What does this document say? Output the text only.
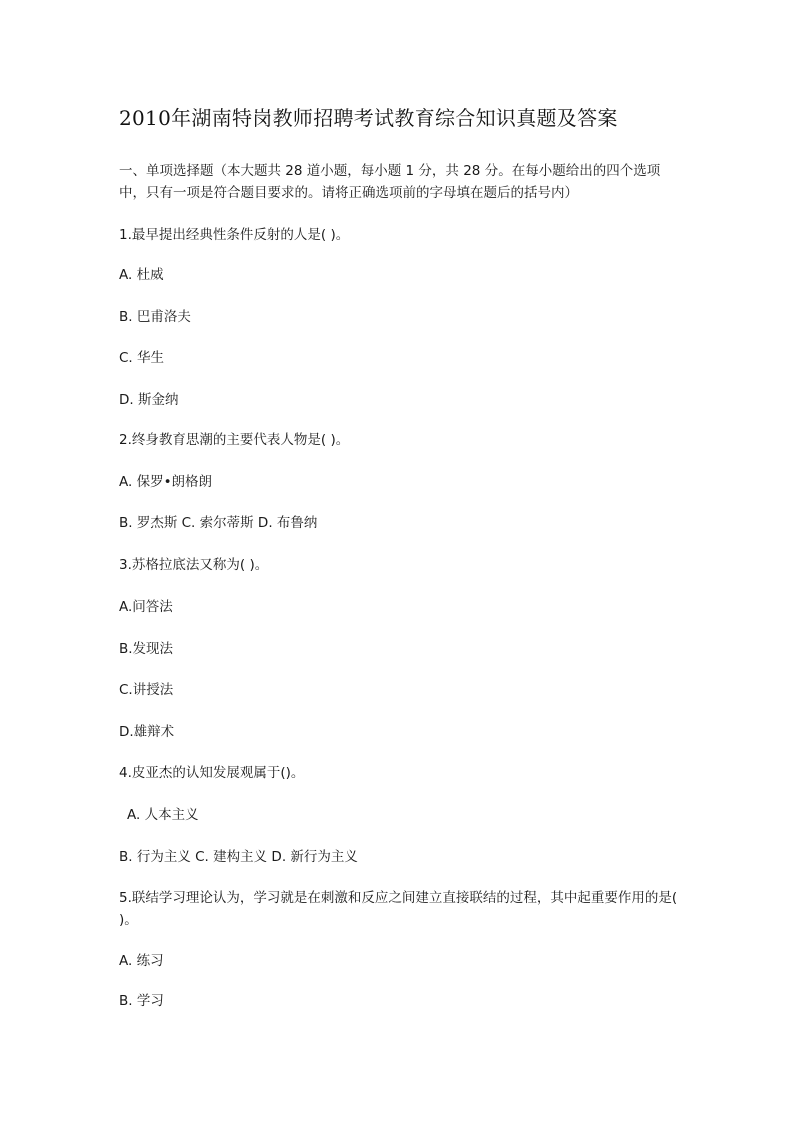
2010年湖南特岗教师招聘考试教育综合知识真题及答案
一、单项选择题（本大题共 28 道小题，每小题 1 分，共 28 分。在每小题给出的四个选项中，只有一项是符合题目要求的。请将正确选项前的字母填在题后的括号内）
1.最早提出经典性条件反射的人是( )。
A. 杜威
B. 巴甫洛夫
C. 华生
D. 斯金纳
2.终身教育思潮的主要代表人物是( )。
A. 保罗•朗格朗
B. 罗杰斯 C. 索尔蒂斯 D. 布鲁纳
3.苏格拉底法又称为( )。
A.问答法
B.发现法
C.讲授法
D.雄辩术
4.皮亚杰的认知发展观属于()。
A. 人本主义
B. 行为主义 C. 建构主义 D. 新行为主义
5.联结学习理论认为，学习就是在刺激和反应之间建立直接联结的过程，其中起重要作用的是( )。
A. 练习
B. 学习
